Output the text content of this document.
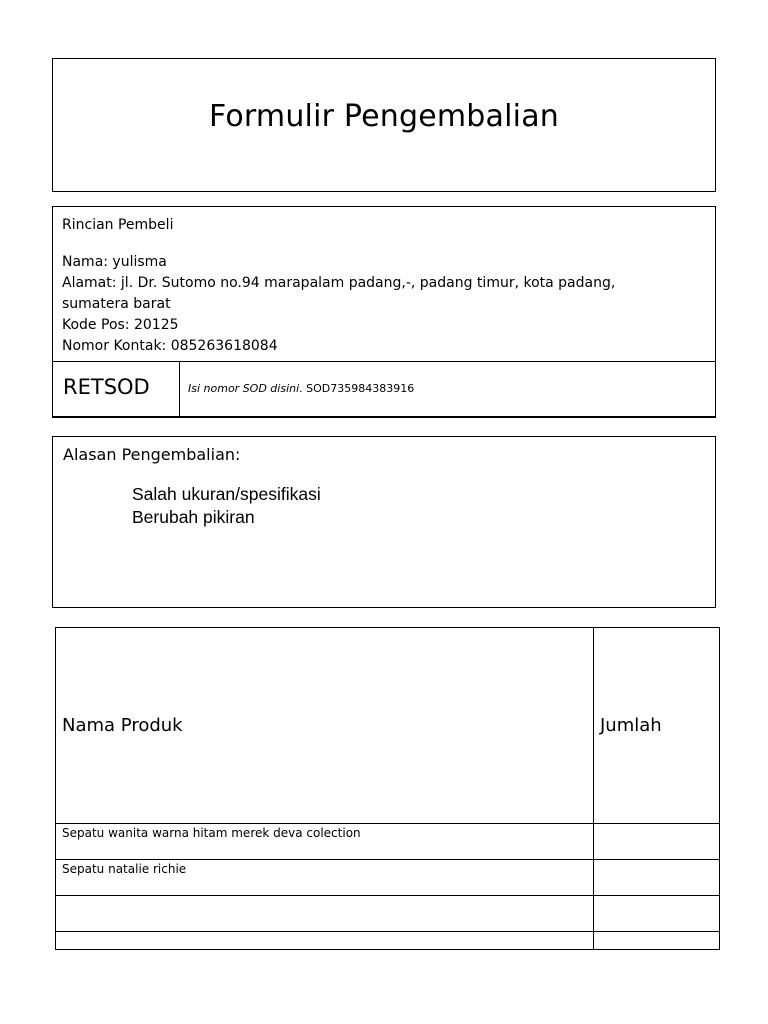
Formulir Pengembalian
Rincian Pembeli
Nama: yulisma
Alamat: jl. Dr. Sutomo no.94 marapalam padang,-, padang timur, kota padang,
sumatera barat
Kode Pos: 20125
Nomor Kontak: 085263618084
RETSOD	Isi nomor SOD disini. SOD735984383916
Alasan Pengembalian:
Salah ukuran/spesifikasi
Berubah pikiran
Nama Produk	Jumlah
Sepatu wanita warna hitam merek deva colection	
Sepatu natalie richie	
